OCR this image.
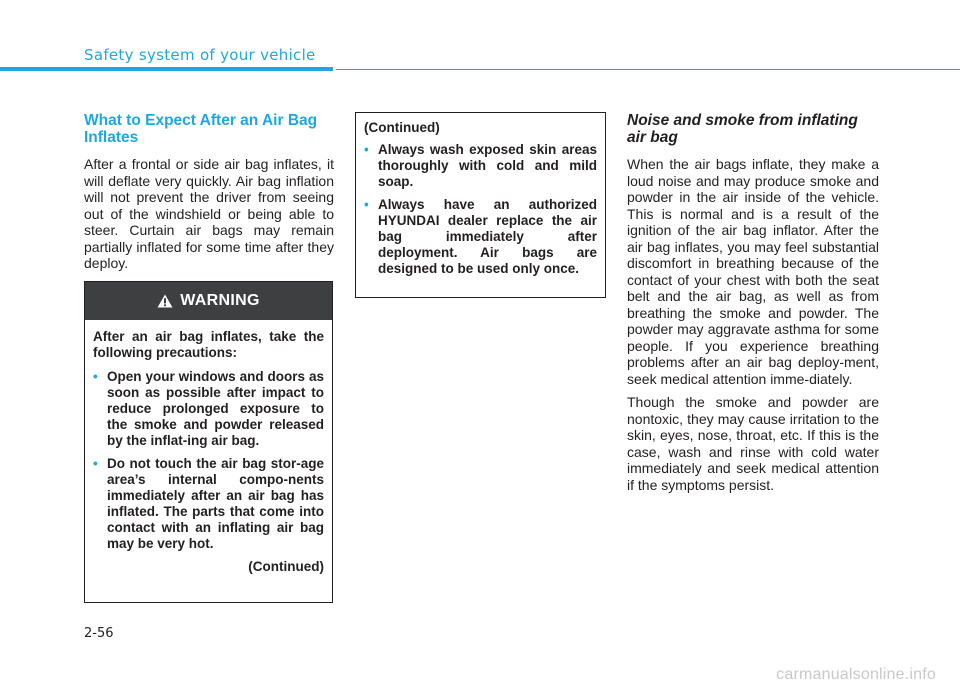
Safety system of your vehicle
What to Expect After an Air Bag Inflates

After a frontal or side air bag inflates, it will deflate very quickly. Air bag inflation will not prevent the driver from seeing out of the windshield or being able to steer. Curtain air bags may remain partially inflated for some time after they deploy.

WARNING

After an air bag inflates, take the following precautions:

• Open your windows and doors as soon as possible after impact to reduce prolonged exposure to the smoke and powder released by the inflat-ing air bag.
• Do not touch the air bag stor-age area’s internal compo-nents immediately after an air bag has inflated. The parts that come into contact with an inflating air bag may be very hot.

(Continued)

(Continued)

• Always wash exposed skin areas thoroughly with cold and mild soap.
• Always have an authorized HYUNDAI dealer replace the air bag immediately after deployment. Air bags are designed to be used only once.
Noise and smoke from inflating air bag

When the air bags inflate, they make a loud noise and may produce smoke and powder in the air inside of the vehicle. This is normal and is a result of the ignition of the air bag inflator. After the air bag inflates, you may feel substantial discomfort in breathing because of the contact of your chest with both the seat belt and the air bag, as well as from breathing the smoke and powder. The powder may aggravate asthma for some people. If you experience breathing problems after an air bag deploy-ment, seek medical attention imme-diately.

Though the smoke and powder are nontoxic, they may cause irritation to the skin, eyes, nose, throat, etc. If this is the case, wash and rinse with cold water immediately and seek medical attention if the symptoms persist.

2-56
carmanualsonline.info
